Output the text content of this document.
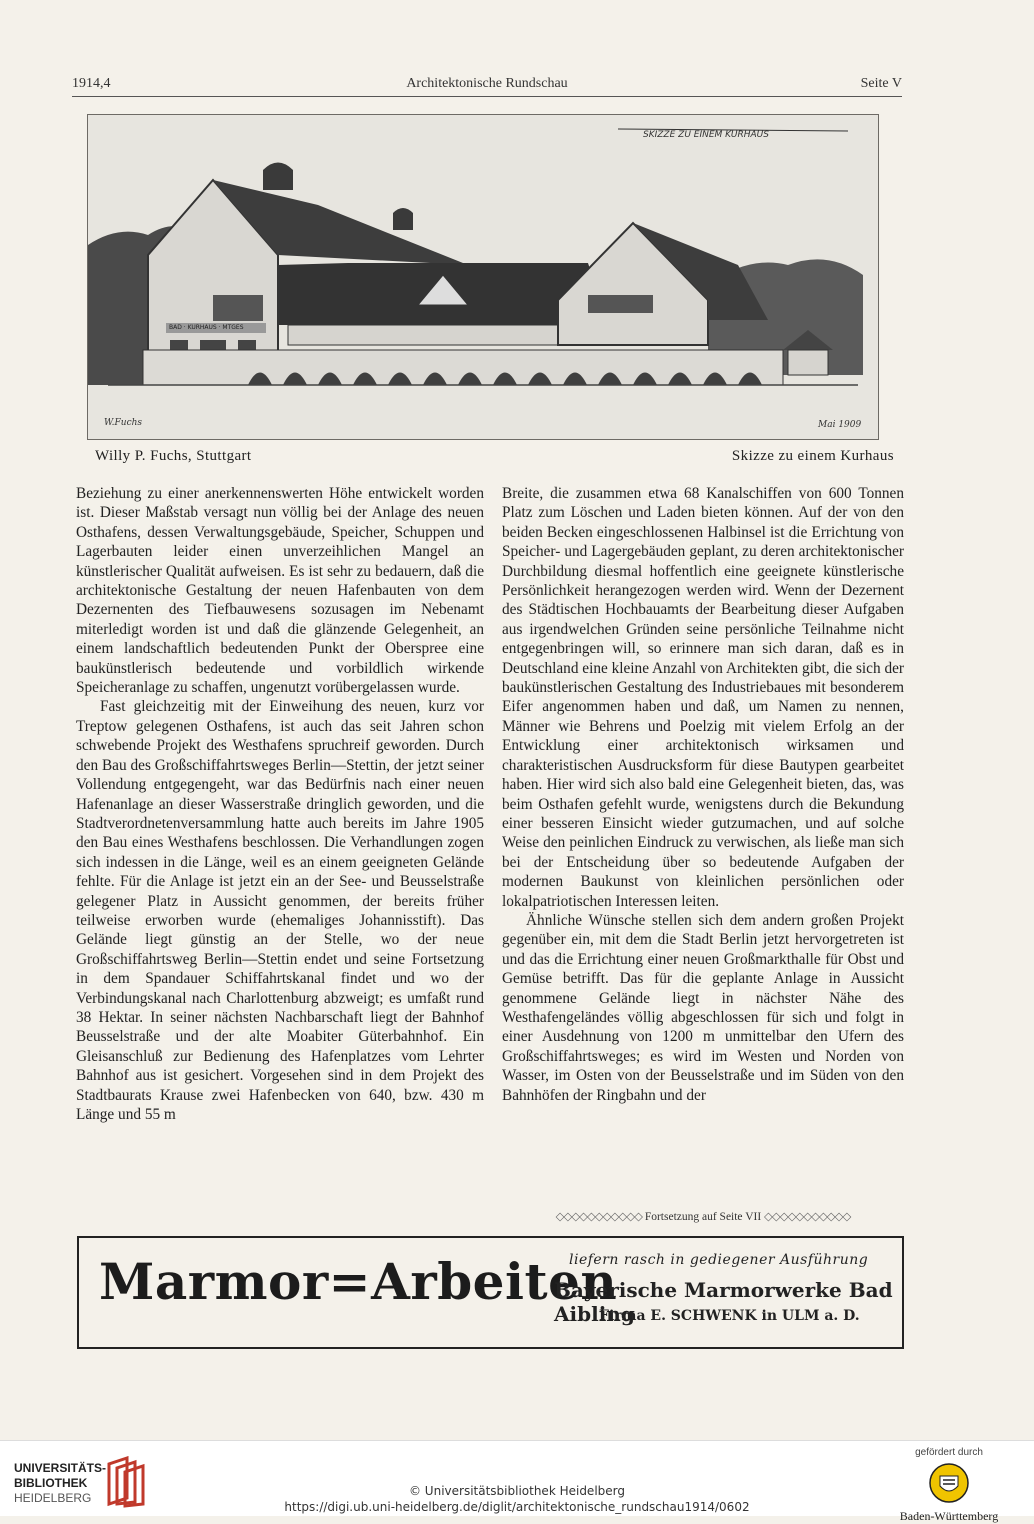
1914,4	Architektonische Rundschau	Seite V
SKIZZE ZU EINEM KURHAUS
W.Fuchs	Mai 1909
BAD · KURHAUS · MTGES
Willy P. Fuchs, Stuttgart	Skizze zu einem Kurhaus

Beziehung zu einer anerkennenswerten Höhe entwickelt worden ist. Dieser Maßstab versagt nun völlig bei der Anlage des neuen Osthafens, dessen Verwaltungsgebäude, Speicher, Schuppen und Lagerbauten leider einen unverzeihlichen Mangel an künstlerischer Qualität aufweisen. Es ist sehr zu bedauern, daß die architektonische Gestaltung der neuen Hafenbauten von dem Dezernenten des Tiefbauwesens sozusagen im Nebenamt miterledigt worden ist und daß die glänzende Gelegenheit, an einem landschaftlich bedeutenden Punkt der Oberspree eine baukünstlerisch bedeutende und vorbildlich wirkende Speicheranlage zu schaffen, ungenutzt vorübergelassen wurde.

Fast gleichzeitig mit der Einweihung des neuen, kurz vor Treptow gelegenen Osthafens, ist auch das seit Jahren schon schwebende Projekt des Westhafens spruchreif geworden. Durch den Bau des Großschiffahrtsweges Berlin—Stettin, der jetzt seiner Vollendung entgegengeht, war das Bedürfnis nach einer neuen Hafenanlage an dieser Wasserstraße dringlich geworden, und die Stadtverordnetenversammlung hatte auch bereits im Jahre 1905 den Bau eines Westhafens beschlossen. Die Verhandlungen zogen sich indessen in die Länge, weil es an einem geeigneten Gelände fehlte. Für die Anlage ist jetzt ein an der See- und Beusselstraße gelegener Platz in Aussicht genommen, der bereits früher teilweise erworben wurde (ehemaliges Johannisstift). Das Gelände liegt günstig an der Stelle, wo der neue Großschiffahrtsweg Berlin—Stettin endet und seine Fortsetzung in dem Spandauer Schiffahrtskanal findet und wo der Verbindungskanal nach Charlottenburg abzweigt; es umfaßt rund 38 Hektar. In seiner nächsten Nachbarschaft liegt der Bahnhof Beusselstraße und der alte Moabiter Güterbahnhof. Ein Gleisanschluß zur Bedienung des Hafenplatzes vom Lehrter Bahnhof aus ist gesichert. Vorgesehen sind in dem Projekt des Stadtbaurats Krause zwei Hafenbecken von 640, bzw. 430 m Länge und 55 m

Breite, die zusammen etwa 68 Kanalschiffen von 600 Tonnen Platz zum Löschen und Laden bieten können. Auf der von den beiden Becken eingeschlossenen Halbinsel ist die Errichtung von Speicher- und Lagergebäuden geplant, zu deren architektonischer Durchbildung diesmal hoffentlich eine geeignete künstlerische Persönlichkeit herangezogen werden wird. Wenn der Dezernent des Städtischen Hochbauamts der Bearbeitung dieser Aufgaben aus irgendwelchen Gründen seine persönliche Teilnahme nicht entgegenbringen will, so erinnere man sich daran, daß es in Deutschland eine kleine Anzahl von Architekten gibt, die sich der baukünstlerischen Gestaltung des Industriebaues mit besonderem Eifer angenommen haben und daß, um Namen zu nennen, Männer wie Behrens und Poelzig mit vielem Erfolg an der Entwicklung einer architektonisch wirksamen und charakteristischen Ausdrucksform für diese Bautypen gearbeitet haben. Hier wird sich also bald eine Gelegenheit bieten, das, was beim Osthafen gefehlt wurde, wenigstens durch die Bekundung einer besseren Einsicht wieder gutzumachen, und auf solche Weise den peinlichen Eindruck zu verwischen, als ließe man sich bei der Entscheidung über so bedeutende Aufgaben der modernen Baukunst von kleinlichen persönlichen oder lokalpatriotischen Interessen leiten.

Ähnliche Wünsche stellen sich dem andern großen Projekt gegenüber ein, mit dem die Stadt Berlin jetzt hervorgetreten ist und das die Errichtung einer neuen Großmarkthalle für Obst und Gemüse betrifft. Das für die geplante Anlage in Aussicht genommene Gelände liegt in nächster Nähe des Westhafengeländes völlig abgeschlossen für sich und folgt in einer Ausdehnung von 1200 m unmittelbar den Ufern des Großschiffahrtsweges; es wird im Westen und Norden von Wasser, im Osten von der Beusselstraße und im Süden von den Bahnhöfen der Ringbahn und der

◇◇◇◇◇◇◇◇◇◇◇ Fortsetzung auf Seite VII ◇◇◇◇◇◇◇◇◇◇◇
Marmor=Arbeiten
liefern rasch in gediegener Ausführung
Bayerische Marmorwerke Bad Aibling
Firma E. SCHWENK in ULM a. D.
UNIVERSITÄTS-
BIBLIOTHEK
HEIDELBERG	© Universitätsbibliothek Heidelberg
https://digi.ub.uni-heidelberg.de/diglit/architektonische_rundschau1914/0602
gefördert durch
Baden-Württemberg
